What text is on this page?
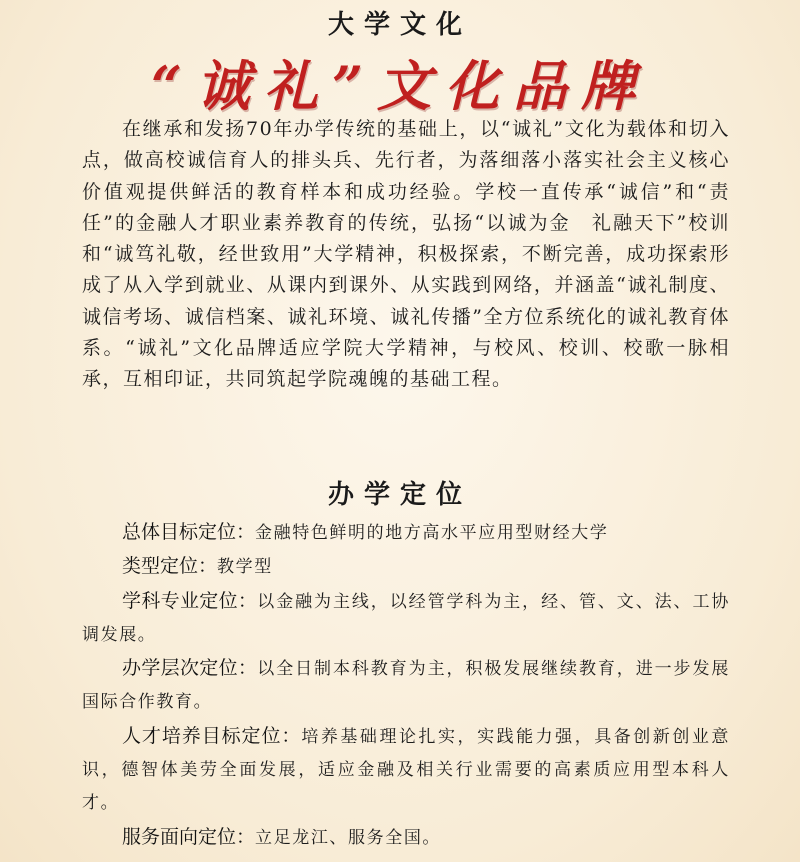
大学文化
“诚礼”文化品牌
在继承和发扬70年办学传统的基础上，以“诚礼”文化为载体和切入点，做高校诚信育人的排头兵、先行者，为落细落小落实社会主义核心价值观提供鲜活的教育样本和成功经验。学校一直传承“诚信”和“责任”的金融人才职业素养教育的传统，弘扬“以诚为金　礼融天下”校训和“诚笃礼敬，经世致用”大学精神，积极探索，不断完善，成功探索形成了从入学到就业、从课内到课外、从实践到网络，并涵盖“诚礼制度、诚信考场、诚信档案、诚礼环境、诚礼传播”全方位系统化的诚礼教育体系。“诚礼”文化品牌适应学院大学精神，与校风、校训、校歌一脉相承，互相印证，共同筑起学院魂魄的基础工程。
办学定位

总体目标定位：金融特色鲜明的地方高水平应用型财经大学

类型定位：教学型

学科专业定位：以金融为主线，以经管学科为主，经、管、文、法、工协调发展。

办学层次定位：以全日制本科教育为主，积极发展继续教育，进一步发展国际合作教育。

人才培养目标定位：培养基础理论扎实，实践能力强，具备创新创业意识，德智体美劳全面发展，适应金融及相关行业需要的高素质应用型本科人才。

服务面向定位：立足龙江、服务全国。
